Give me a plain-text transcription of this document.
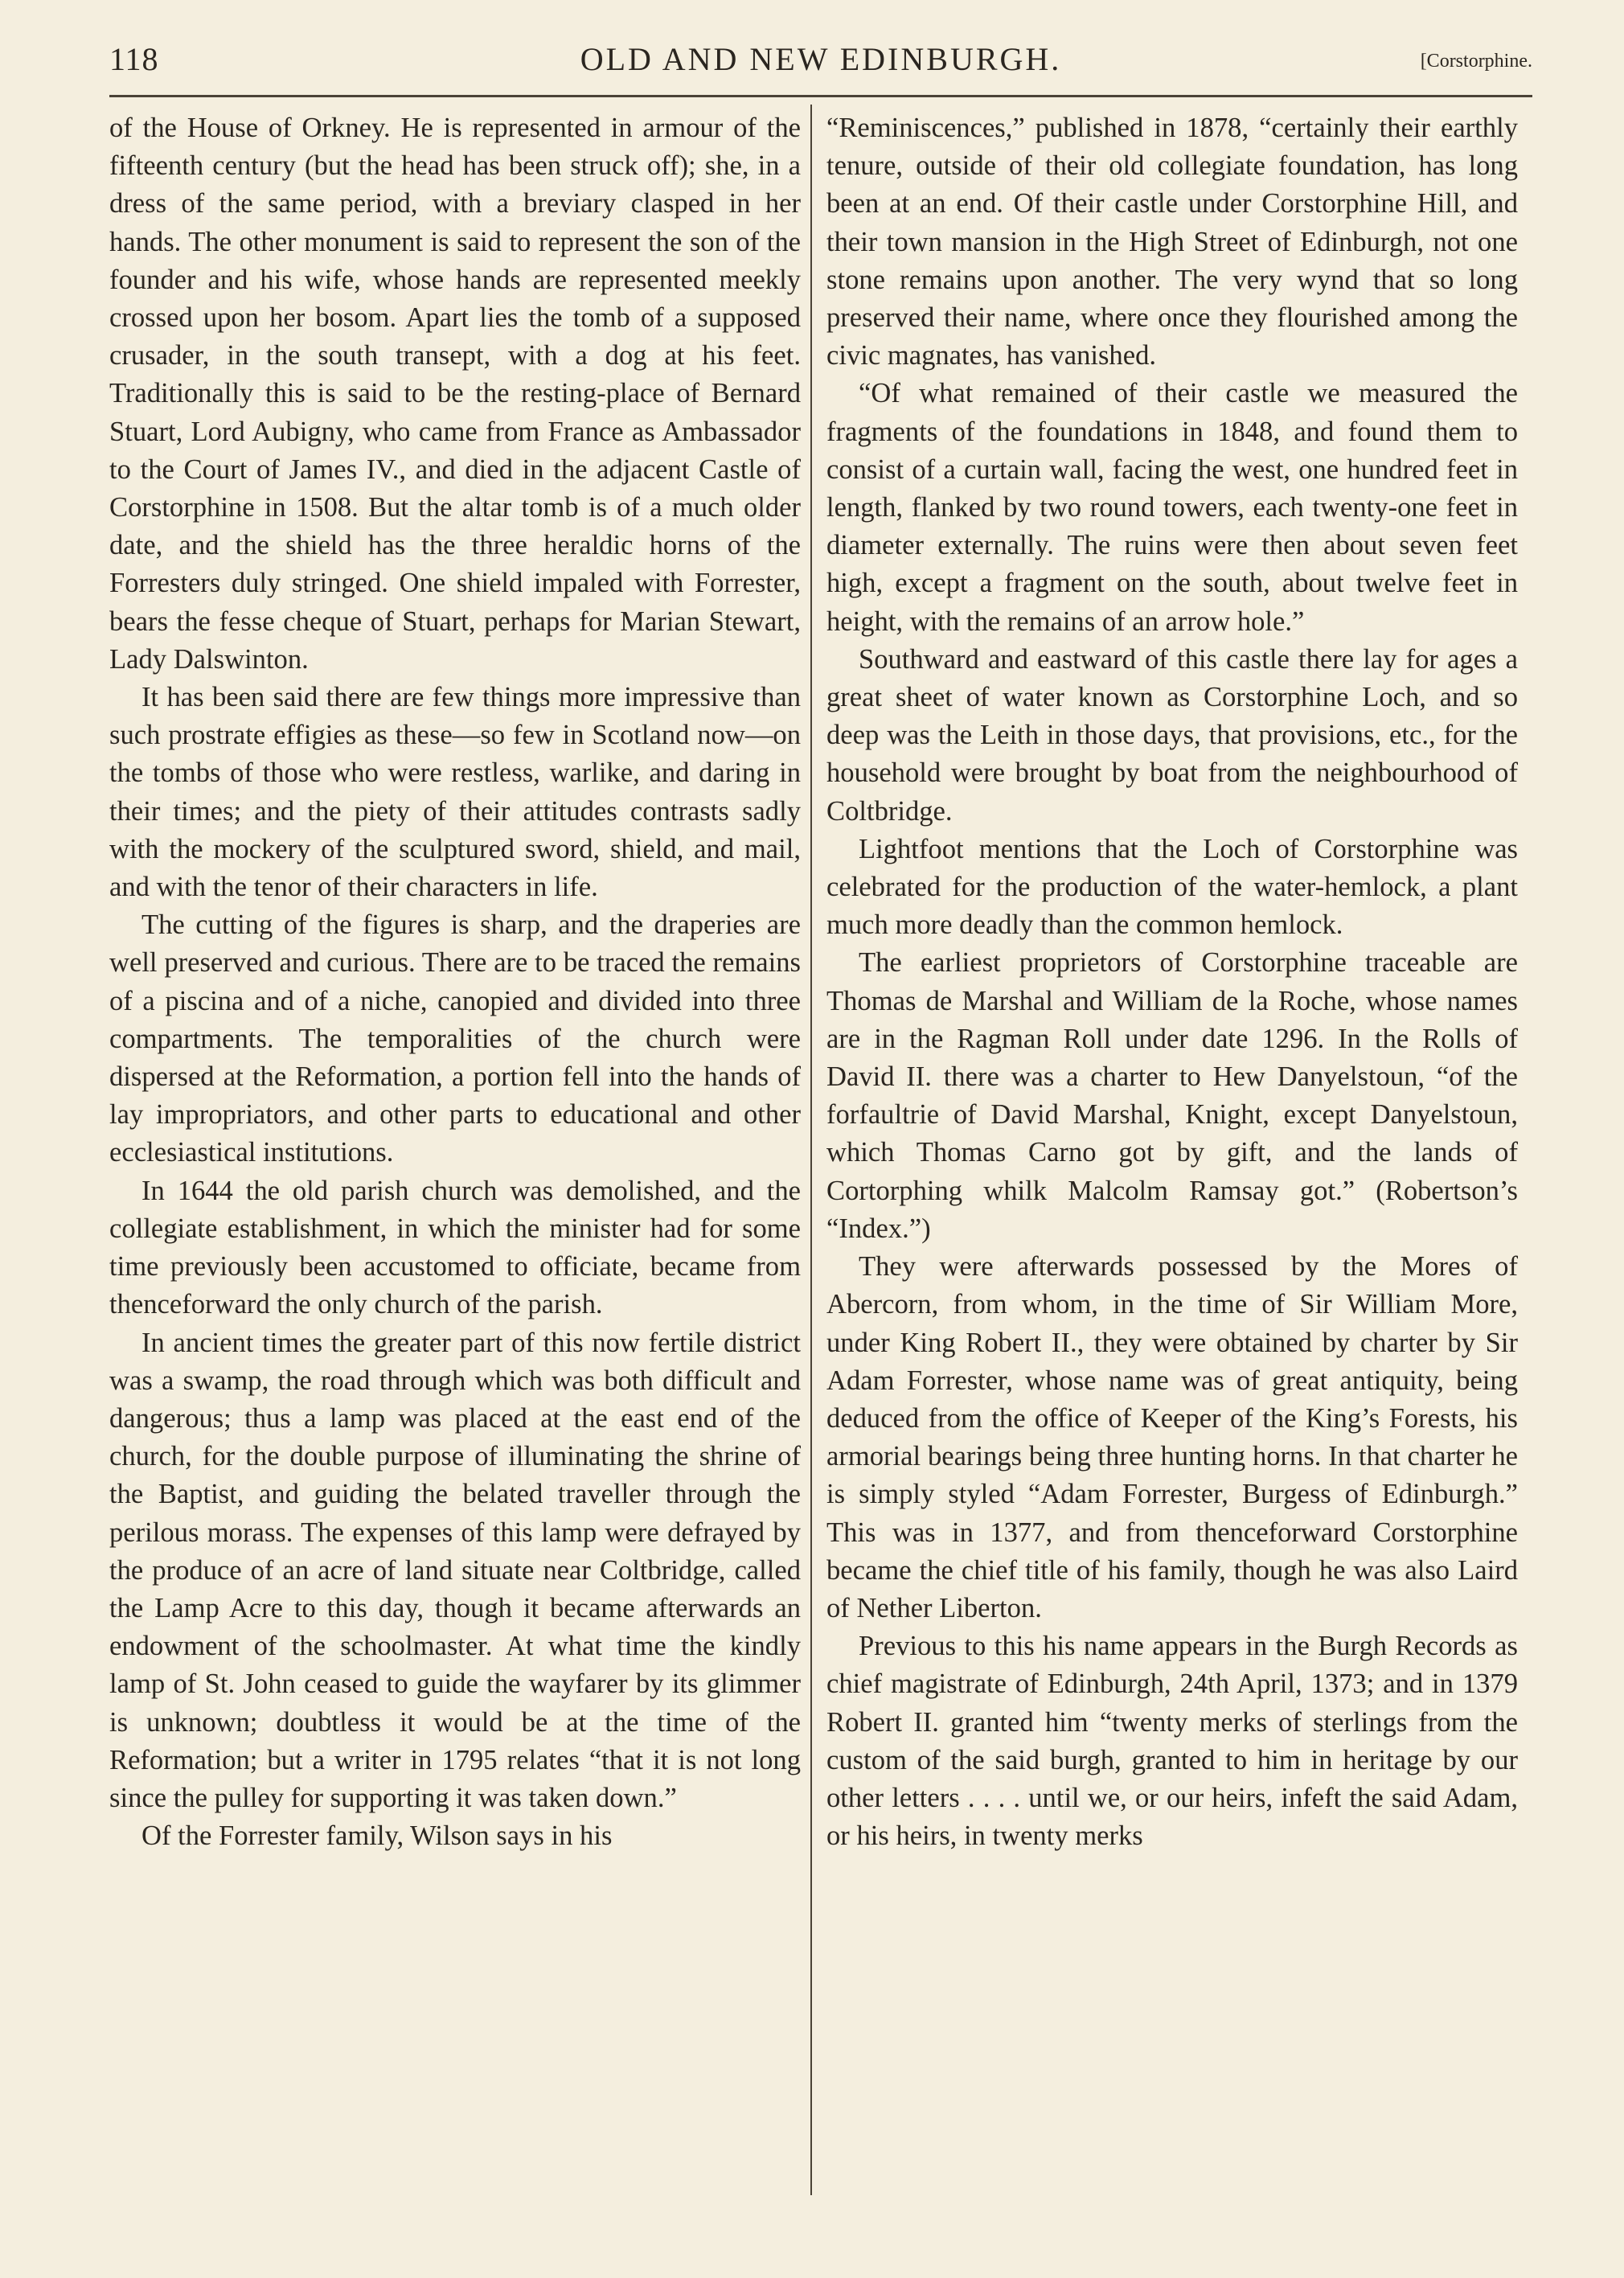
118	OLD AND NEW EDINBURGH.	[Corstorphine.

of the House of Orkney. He is represented in armour of the fifteenth century (but the head has been struck off); she, in a dress of the same period, with a breviary clasped in her hands. The other monument is said to represent the son of the founder and his wife, whose hands are represented meekly crossed upon her bosom. Apart lies the tomb of a supposed crusader, in the south transept, with a dog at his feet. Traditionally this is said to be the resting-place of Bernard Stuart, Lord Aubigny, who came from France as Ambassador to the Court of James IV., and died in the adjacent Castle of Corstorphine in 1508. But the altar tomb is of a much older date, and the shield has the three heraldic horns of the Forresters duly stringed. One shield impaled with Forrester, bears the fesse cheque of Stuart, perhaps for Marian Stewart, Lady Dalswinton.

It has been said there are few things more impressive than such prostrate effigies as these—so few in Scotland now—on the tombs of those who were restless, warlike, and daring in their times; and the piety of their attitudes contrasts sadly with the mockery of the sculptured sword, shield, and mail, and with the tenor of their characters in life.

The cutting of the figures is sharp, and the draperies are well preserved and curious. There are to be traced the remains of a piscina and of a niche, canopied and divided into three compartments. The temporalities of the church were dispersed at the Reformation, a portion fell into the hands of lay impropriators, and other parts to educational and other ecclesiastical institutions.

In 1644 the old parish church was demolished, and the collegiate establishment, in which the minister had for some time previously been accustomed to officiate, became from thenceforward the only church of the parish.

In ancient times the greater part of this now fertile district was a swamp, the road through which was both difficult and dangerous; thus a lamp was placed at the east end of the church, for the double purpose of illuminating the shrine of the Baptist, and guiding the belated traveller through the perilous morass. The expenses of this lamp were defrayed by the produce of an acre of land situate near Coltbridge, called the Lamp Acre to this day, though it became afterwards an endowment of the schoolmaster. At what time the kindly lamp of St. John ceased to guide the wayfarer by its glimmer is unknown; doubtless it would be at the time of the Reformation; but a writer in 1795 relates “that it is not long since the pulley for supporting it was taken down.”

Of the Forrester family, Wilson says in his

“Reminiscences,” published in 1878, “certainly their earthly tenure, outside of their old collegiate foundation, has long been at an end. Of their castle under Corstorphine Hill, and their town mansion in the High Street of Edinburgh, not one stone remains upon another. The very wynd that so long preserved their name, where once they flourished among the civic magnates, has vanished.

“Of what remained of their castle we measured the fragments of the foundations in 1848, and found them to consist of a curtain wall, facing the west, one hundred feet in length, flanked by two round towers, each twenty-one feet in diameter externally. The ruins were then about seven feet high, except a fragment on the south, about twelve feet in height, with the remains of an arrow hole.”

Southward and eastward of this castle there lay for ages a great sheet of water known as Corstorphine Loch, and so deep was the Leith in those days, that provisions, etc., for the household were brought by boat from the neighbourhood of Coltbridge.

Lightfoot mentions that the Loch of Corstorphine was celebrated for the production of the water-hemlock, a plant much more deadly than the common hemlock.

The earliest proprietors of Corstorphine traceable are Thomas de Marshal and William de la Roche, whose names are in the Ragman Roll under date 1296. In the Rolls of David II. there was a charter to Hew Danyelstoun, “of the forfaultrie of David Marshal, Knight, except Danyelstoun, which Thomas Carno got by gift, and the lands of Cortorphing whilk Malcolm Ramsay got.” (Robertson’s “Index.”)

They were afterwards possessed by the Mores of Abercorn, from whom, in the time of Sir William More, under King Robert II., they were obtained by charter by Sir Adam Forrester, whose name was of great antiquity, being deduced from the office of Keeper of the King’s Forests, his armorial bearings being three hunting horns. In that charter he is simply styled “Adam Forrester, Burgess of Edinburgh.” This was in 1377, and from thenceforward Corstorphine became the chief title of his family, though he was also Laird of Nether Liberton.

Previous to this his name appears in the Burgh Records as chief magistrate of Edinburgh, 24th April, 1373; and in 1379 Robert II. granted him “twenty merks of sterlings from the custom of the said burgh, granted to him in heritage by our other letters . . . . until we, or our heirs, infeft the said Adam, or his heirs, in twenty merks
